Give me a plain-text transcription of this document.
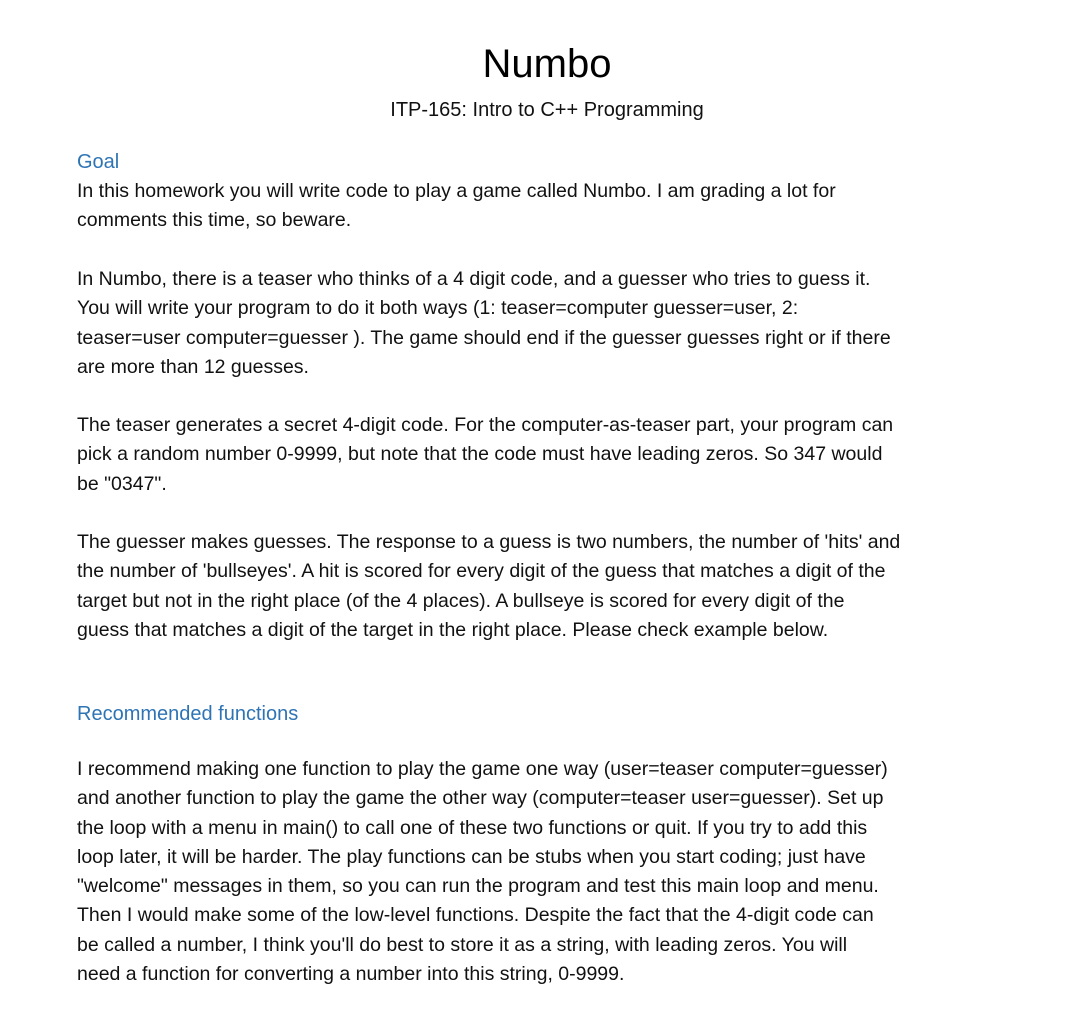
Numbo
ITP-165: Intro to C++ Programming
Goal

In this homework you will write code to play a game called Numbo. I am grading a lot for
comments this time, so beware.

In Numbo, there is a teaser who thinks of a 4 digit code, and a guesser who tries to guess it.
You will write your program to do it both ways (1: teaser=computer guesser=user, 2:
teaser=user computer=guesser ). The game should end if the guesser guesses right or if there
are more than 12 guesses.

The teaser generates a secret 4-digit code. For the computer-as-teaser part, your program can
pick a random number 0-9999, but note that the code must have leading zeros. So 347 would
be "0347".

The guesser makes guesses. The response to a guess is two numbers, the number of 'hits' and
the number of 'bullseyes'. A hit is scored for every digit of the guess that matches a digit of the
target but not in the right place (of the 4 places). A bullseye is scored for every digit of the
guess that matches a digit of the target in the right place. Please check example below.

Recommended functions

I recommend making one function to play the game one way (user=teaser computer=guesser)
and another function to play the game the other way (computer=teaser user=guesser). Set up
the loop with a menu in main() to call one of these two functions or quit. If you try to add this
loop later, it will be harder. The play functions can be stubs when you start coding; just have
"welcome" messages in them, so you can run the program and test this main loop and menu.
Then I would make some of the low-level functions. Despite the fact that the 4-digit code can
be called a number, I think you'll do best to store it as a string, with leading zeros. You will
need a function for converting a number into this string, 0-9999.
